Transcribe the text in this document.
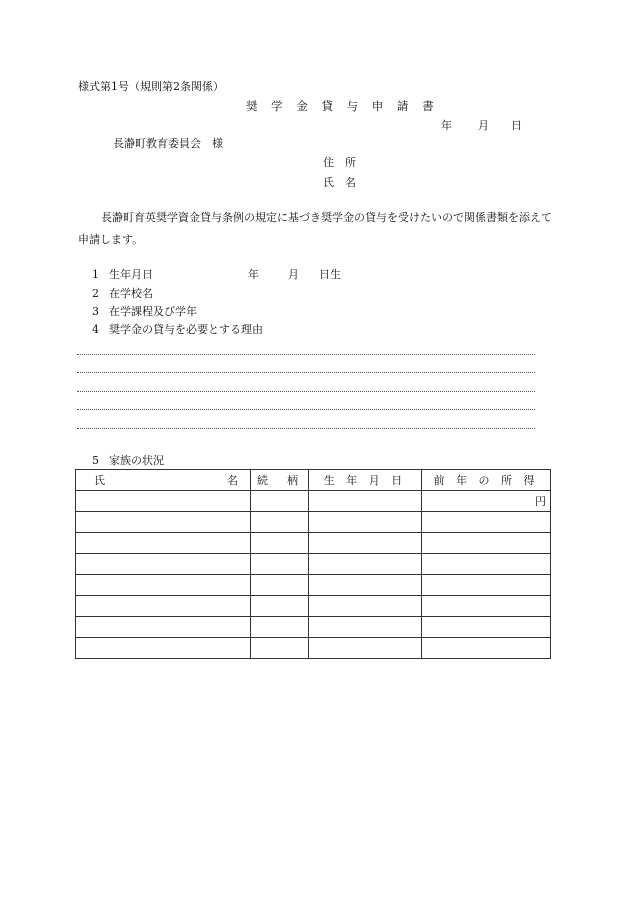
様式第1号（規則第2条関係）
奨 学 金 貸 与 申 請 書
年 月 日
長瀞町教育委員会　様
住　所
氏　名
長瀞町育英奨学資金貸与条例の規定に基づき奨学金の貸与を受けたいので関係書類を添えて申請します。
1 生年月日	年	月 日生
2 在学校名
3 在学課程及び学年
4 奨学金の貸与を必要とする理由
5 家族の状況
氏 名	続　柄	生 年 月 日	前 年 の 所 得
			円
